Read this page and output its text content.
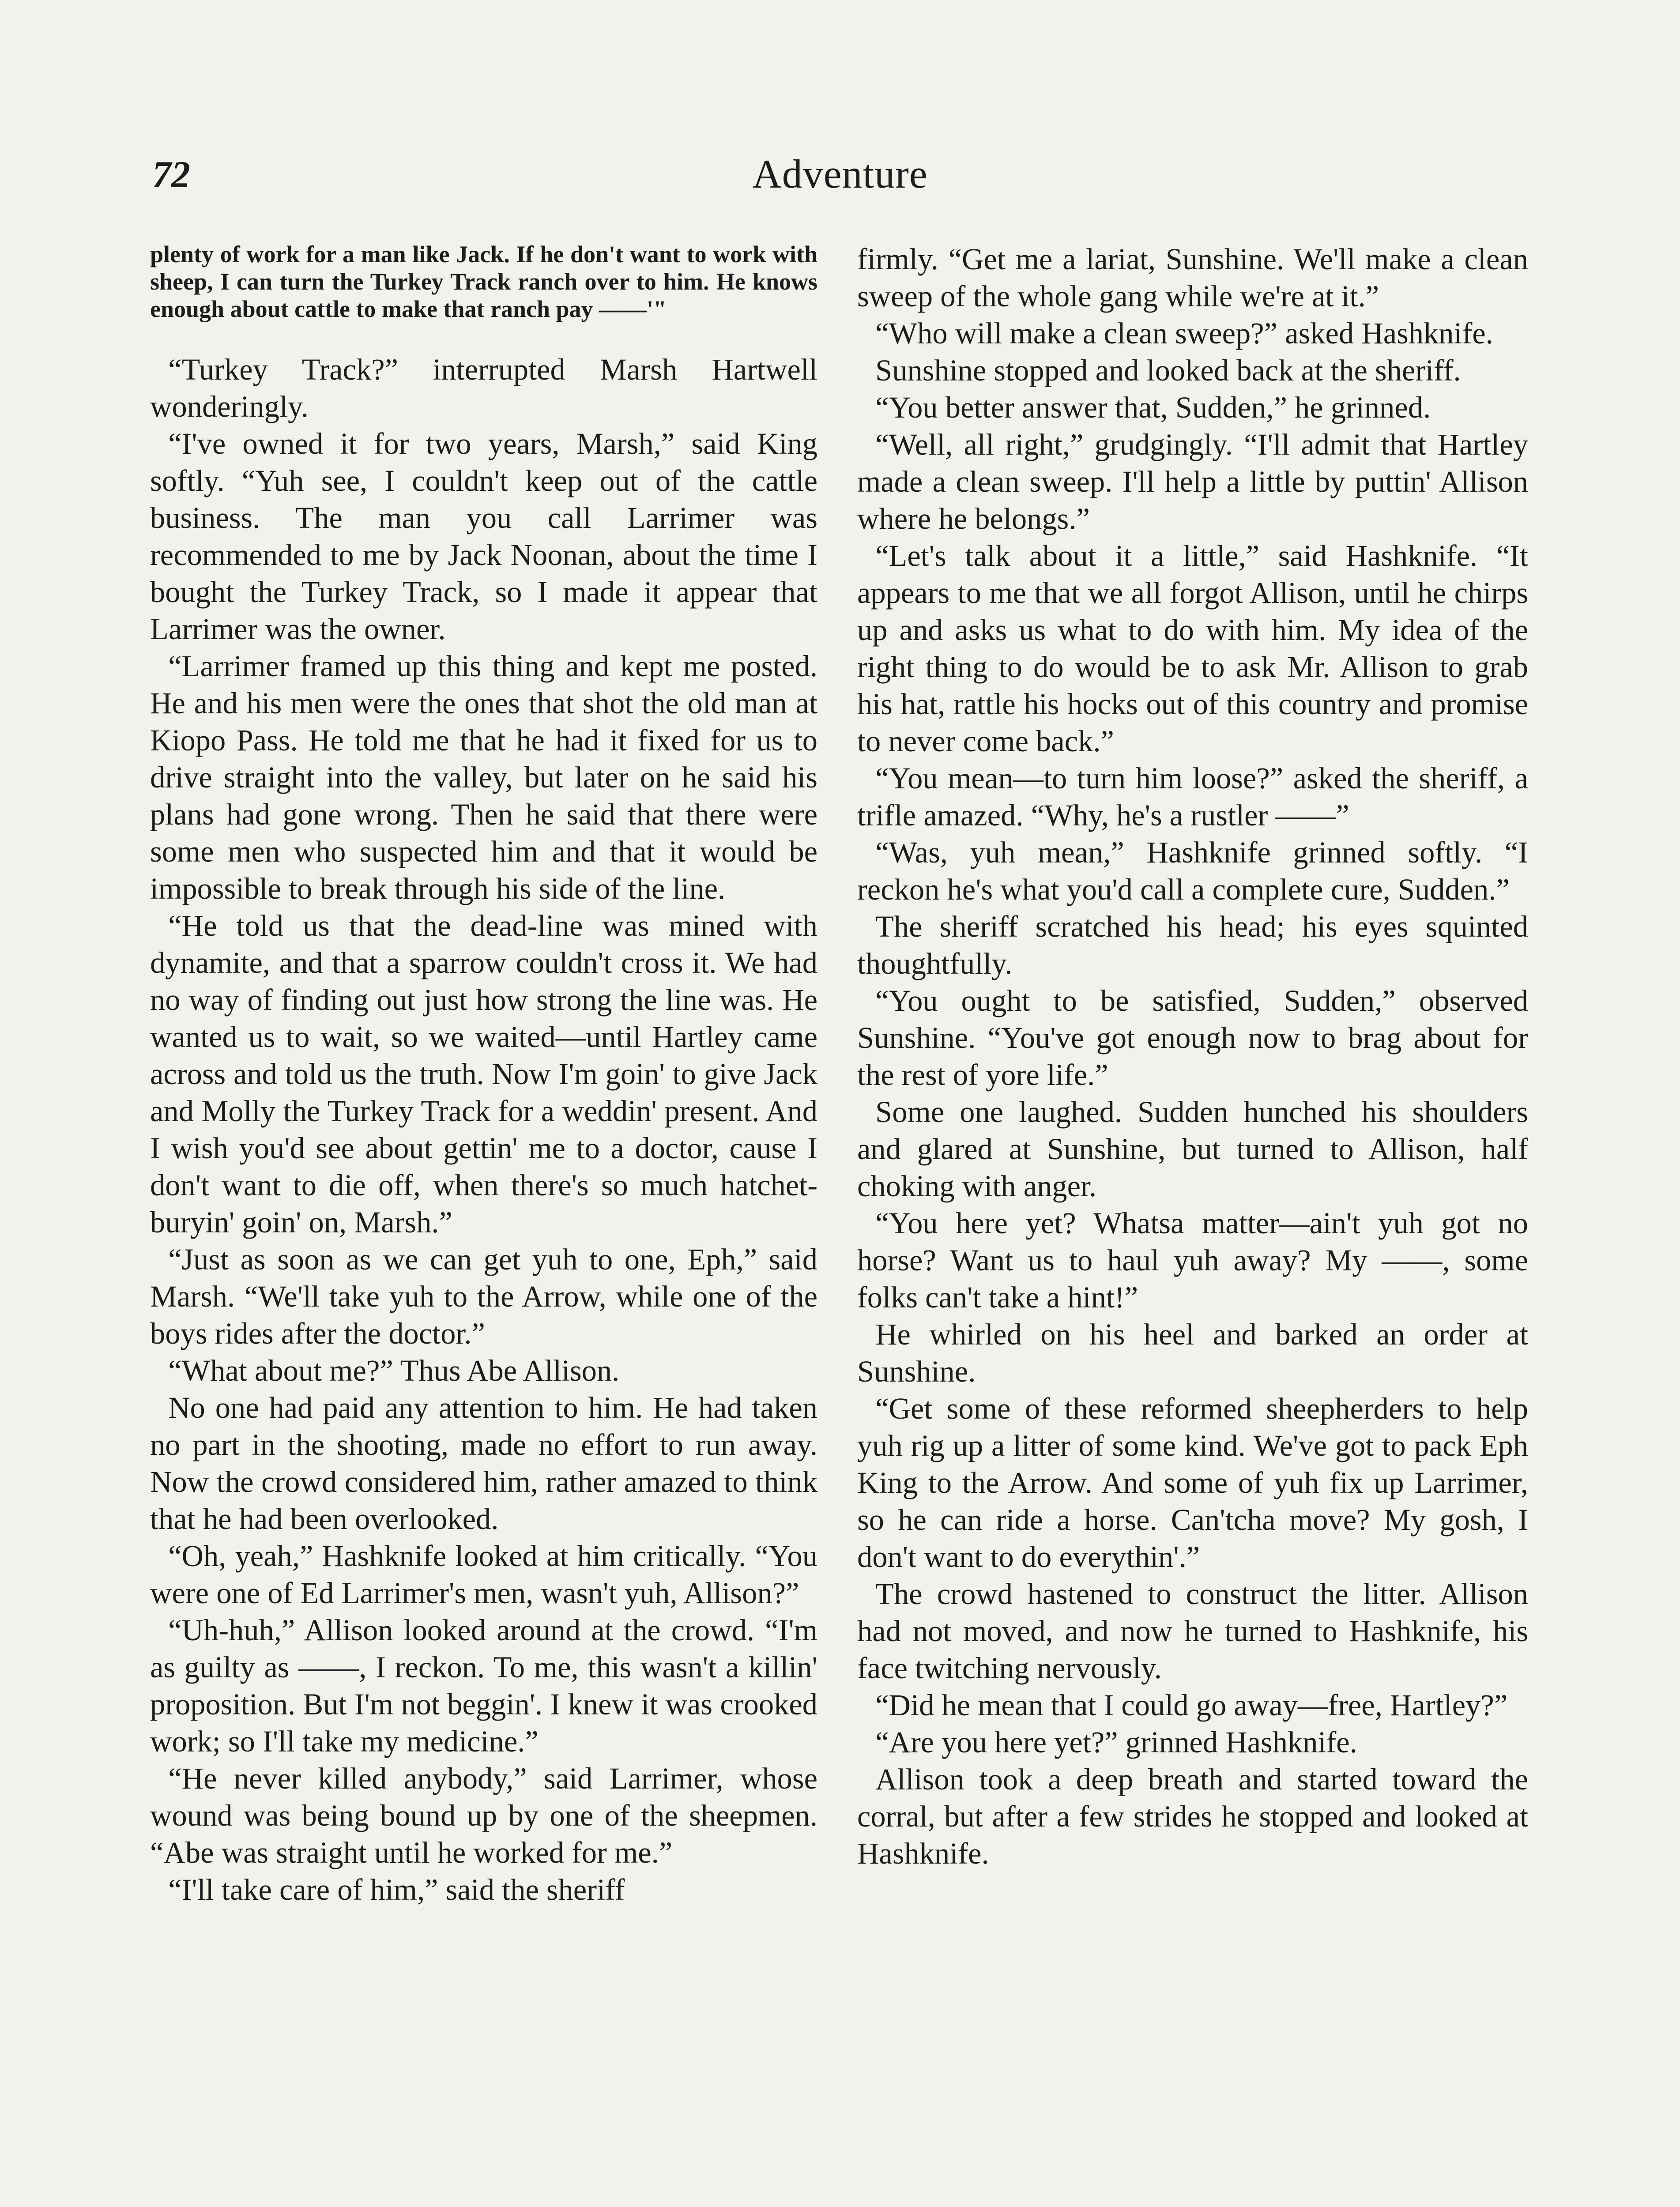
72	Adventure

plenty of work for a man like Jack. If he don't want to work with sheep, I can turn the Turkey Track ranch over to him. He knows enough about cattle to make that ranch pay ——'"

“Turkey Track?” interrupted Marsh Hartwell wonderingly.

“I've owned it for two years, Marsh,” said King softly. “Yuh see, I couldn't keep out of the cattle business. The man you call Larrimer was recommended to me by Jack Noonan, about the time I bought the Turkey Track, so I made it appear that Larrimer was the owner.

“Larrimer framed up this thing and kept me posted. He and his men were the ones that shot the old man at Kiopo Pass. He told me that he had it fixed for us to drive straight into the valley, but later on he said his plans had gone wrong. Then he said that there were some men who suspected him and that it would be impossible to break through his side of the line.

“He told us that the dead-line was mined with dynamite, and that a sparrow couldn't cross it. We had no way of finding out just how strong the line was. He wanted us to wait, so we waited—until Hartley came across and told us the truth. Now I'm goin' to give Jack and Molly the Turkey Track for a weddin' present. And I wish you'd see about gettin' me to a doctor, cause I don't want to die off, when there's so much hatchet-buryin' goin' on, Marsh.”

“Just as soon as we can get yuh to one, Eph,” said Marsh. “We'll take yuh to the Arrow, while one of the boys rides after the doctor.”

“What about me?” Thus Abe Allison.

No one had paid any attention to him. He had taken no part in the shooting, made no effort to run away. Now the crowd considered him, rather amazed to think that he had been overlooked.

“Oh, yeah,” Hashknife looked at him critically. “You were one of Ed Larrimer's men, wasn't yuh, Allison?”

“Uh-huh,” Allison looked around at the crowd. “I'm as guilty as ——, I reckon. To me, this wasn't a killin' proposition. But I'm not beggin'. I knew it was crooked work; so I'll take my medicine.”

“He never killed anybody,” said Larrimer, whose wound was being bound up by one of the sheepmen. “Abe was straight until he worked for me.”

“I'll take care of him,” said the sheriff

firmly. “Get me a lariat, Sunshine. We'll make a clean sweep of the whole gang while we're at it.”

“Who will make a clean sweep?” asked Hashknife.

Sunshine stopped and looked back at the sheriff.

“You better answer that, Sudden,” he grinned.

“Well, all right,” grudgingly. “I'll admit that Hartley made a clean sweep. I'll help a little by puttin' Allison where he belongs.”

“Let's talk about it a little,” said Hashknife. “It appears to me that we all forgot Allison, until he chirps up and asks us what to do with him. My idea of the right thing to do would be to ask Mr. Allison to grab his hat, rattle his hocks out of this country and promise to never come back.”

“You mean—to turn him loose?” asked the sheriff, a trifle amazed. “Why, he's a rustler ——”

“Was, yuh mean,” Hashknife grinned softly. “I reckon he's what you'd call a complete cure, Sudden.”

The sheriff scratched his head; his eyes squinted thoughtfully.

“You ought to be satisfied, Sudden,” observed Sunshine. “You've got enough now to brag about for the rest of yore life.”

Some one laughed. Sudden hunched his shoulders and glared at Sunshine, but turned to Allison, half choking with anger.

“You here yet? Whatsa matter—ain't yuh got no horse? Want us to haul yuh away? My ——, some folks can't take a hint!”

He whirled on his heel and barked an order at Sunshine.

“Get some of these reformed sheepherders to help yuh rig up a litter of some kind. We've got to pack Eph King to the Arrow. And some of yuh fix up Larrimer, so he can ride a horse. Can'tcha move? My gosh, I don't want to do everythin'.”

The crowd hastened to construct the litter. Allison had not moved, and now he turned to Hashknife, his face twitching nervously.

“Did he mean that I could go away—free, Hartley?”

“Are you here yet?” grinned Hashknife.

Allison took a deep breath and started toward the corral, but after a few strides he stopped and looked at Hashknife.
